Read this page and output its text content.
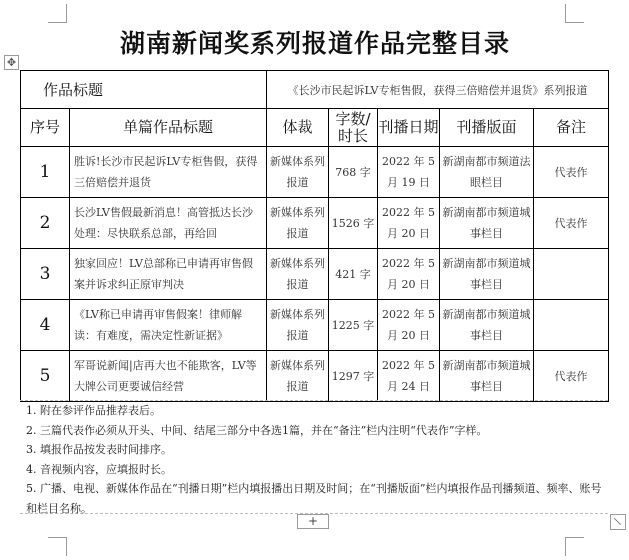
✥
湖南新闻奖系列报道作品完整目录
作品标题		《长沙市民起诉LV专柜售假，获得三倍赔偿并退货》系列报道				
序号	单篇作品标题	体裁	字数/时长	刊播日期	刊播版面	备注
1	胜诉!长沙市民起诉LV专柜售假，获得三倍赔偿并退货	新媒体系列报道	768 字	2022 年 5 月 19 日	新湖南都市频道法眼栏目	代表作
2	长沙LV售假最新消息！高管抵达长沙处理：尽快联系总部，再给回	新媒体系列报道	1526 字	2022 年 5 月 20 日	新湖南都市频道城事栏目	代表作
3	独家回应！LV总部称已申请再审售假案并诉求纠正原审判决	新媒体系列报道	421 字	2022 年 5 月 20 日	新湖南都市频道城事栏目	
4	《LV称已申请再审售假案！律师解读：有难度，需决定性新证据》	新媒体系列报道	1225 字	2022 年 5 月 20 日	新湖南都市频道城事栏目	
5	军哥说新闻|店再大也不能欺客，LV等大牌公司更要诚信经营	新媒体系列报道	1297 字	2022 年 5 月 24 日	新湖南都市频道城事栏目	代表作
1. 附在参评作品推荐表后。
2. 三篇代表作必须从开头、中间、结尾三部分中各选1篇，并在“备注”栏内注明“代表作”字样。
3. 填报作品按发表时间排序。
4. 音视频内容，应填报时长。
5. 广播、电视、新媒体作品在“刊播日期”栏内填报播出日期及时间；在“刊播版面”栏内填报作品刊播频道、频率、账号和栏目名称。
+
